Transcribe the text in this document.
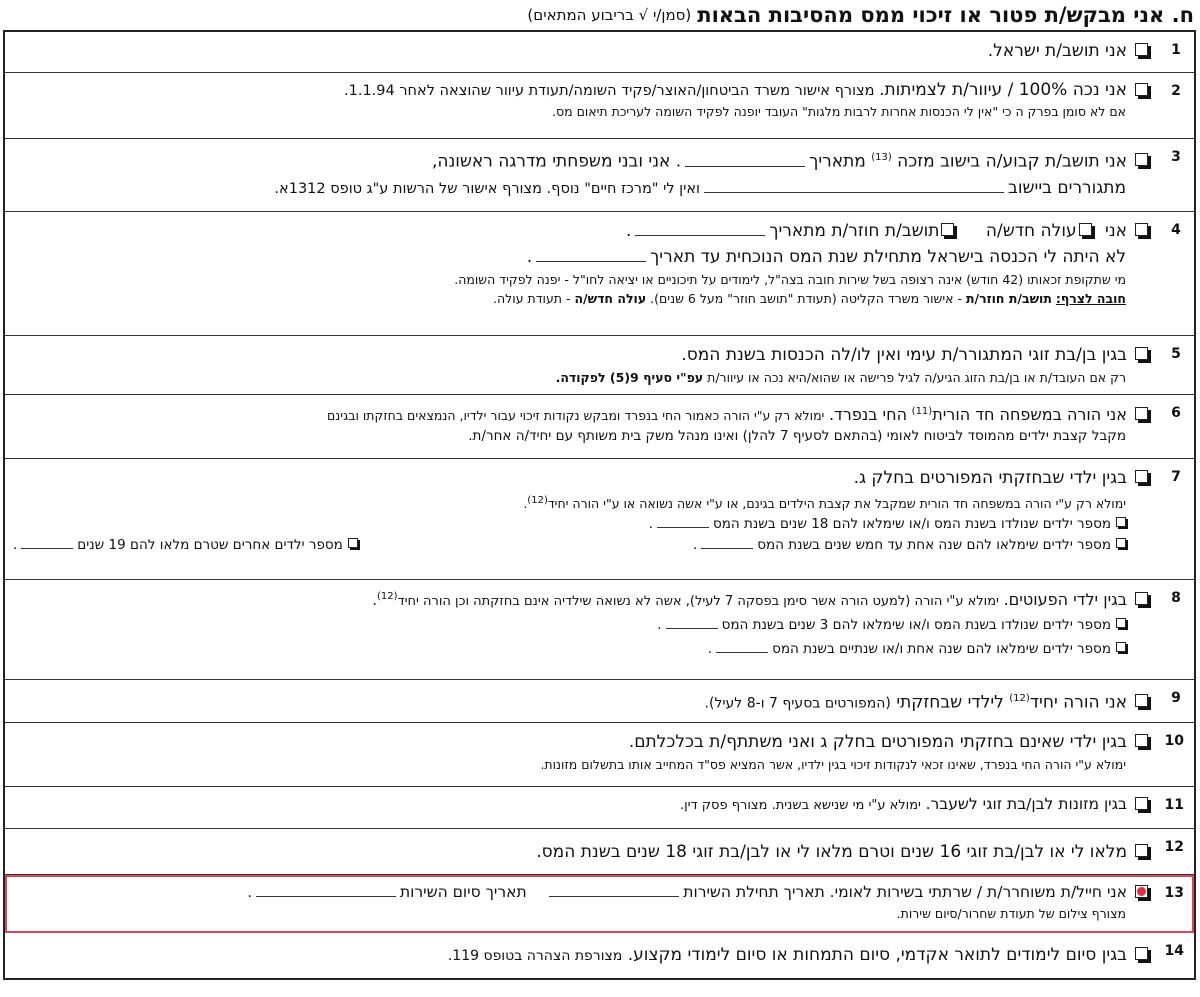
ח. אני מבקש/ת פטור או זיכוי ממס מהסיבות הבאות
(סמן/י √ בריבוע המתאים)
1
אני תושב/ת ישראל.
2
אני נכה 100% / עיוור/ת לצמיתות. מצורף אישור משרד הביטחון/האוצר/פקיד השומה/תעודת עיוור שהוצאה לאחר 1.1.94.
אם לא סומן בפרק ה כי "אין לי הכנסות אחרות לרבות מלגות" העובד יופנה לפקיד השומה לעריכת תיאום מס.
3
אני תושב/ת קבוע/ה בישוב מזכה $^{(13)}$ מתאריך. אני ובני משפחתי מדרגה ראשונה,
מתגוררים ביישובואין לי "מרכז חיים" נוסף. מצורף אישור של הרשות ע"ג טופס 1312א.
4
אני עולה חדש/ה תושב/ת חוזר/ת מתאריך.
לא היתה לי הכנסה בישראל מתחילת שנת המס הנוכחית עד תאריך.
מי שתקופת זכאותו (42 חודש) אינה רצופה בשל שירות חובה בצה"ל, לימודים על תיכוניים או יציאה לחו"ל - יפנה לפקיד השומה.
חובה לצרף: תושב/ת חוזר/ת - אישור משרד הקליטה (תעודת "תושב חוזר" מעל 6 שנים). עולה חדש/ה - תעודת עולה.
5
בגין בן/בת זוגי המתגורר/ת עימי ואין לו/לה הכנסות בשנת המס.
רק אם העובד/ת או בן/בת הזוג הגיע/ה לגיל פרישה או שהוא/היא נכה או עיוור/ת עפ"י סעיף 9(5) לפקודה.
6
אני הורה במשפחה חד הורית$^{(11)}$ החי בנפרד. ימולא רק ע"י הורה כאמור החי בנפרד ומבקש נקודות זיכוי עבור ילדיו, הנמצאים בחזקתו ובגינם
מקבל קצבת ילדים מהמוסד לביטוח לאומי (בהתאם לסעיף 7 להלן) ואינו מנהל משק בית משותף עם יחיד/ה אחר/ת.
7
בגין ילדי שבחזקתי המפורטים בחלק ג.
ימולא רק ע"י הורה במשפחה חד הורית שמקבל את קצבת הילדים בגינם, או ע"י אשה נשואה או ע"י הורה יחיד$^{(12)}$.
מספר ילדים שנולדו בשנת המס ו/או שימלאו להם 18 שנים בשנת המס.
מספר ילדים שימלאו להם שנה אחת עד חמש שנים בשנת המס.
מספר ילדים אחרים שטרם מלאו להם 19 שנים.
8
בגין ילדי הפעוטים. ימולא ע"י הורה (למעט הורה אשר סימן בפסקה 7 לעיל), אשה לא נשואה שילדיה אינם בחזקתה וכן הורה יחיד$^{(12)}$.
מספר ילדים שנולדו בשנת המס ו/או שימלאו להם 3 שנים בשנת המס.
מספר ילדים שימלאו להם שנה אחת ו/או שנתיים בשנת המס.
9
אני הורה יחיד$^{(12)}$ לילדי שבחזקתי (המפורטים בסעיף 7 ו-8 לעיל).
10
בגין ילדי שאינם בחזקתי המפורטים בחלק ג ואני משתתף/ת בכלכלתם.
ימולא ע"י הורה החי בנפרד, שאינו זכאי לנקודות זיכוי בגין ילדיו, אשר המציא פס"ד המחייב אותו בתשלום מזונות.
11
בגין מזונות לבן/בת זוגי לשעבר. ימולא ע"י מי שנישא בשנית. מצורף פסק דין.
12
מלאו לי או לבן/בת זוגי 16 שנים וטרם מלאו לי או לבן/בת זוגי 18 שנים בשנת המס.
13
אני חייל/ת משוחרר/ת / שרתתי בשירות לאומי. תאריך תחילת השירות תאריך סיום השירות.
מצורף צילום של תעודת שחרור/סיום שירות.
14
בגין סיום לימודים לתואר אקדמי, סיום התמחות או סיום לימודי מקצוע. מצורפת הצהרה בטופס 119.
